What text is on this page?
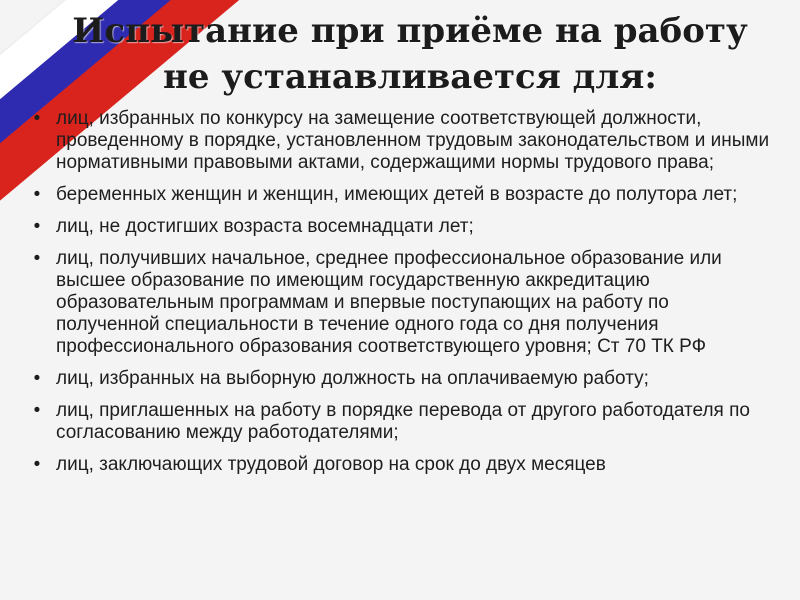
Испытание при приёме на работу
не устанавливается для:
• лиц, избранных по конкурсу на замещение соответствующей должности, проведенному в порядке, установленном трудовым законодательством и иными нормативными правовыми актами, содержащими нормы трудового права;
• беременных женщин и женщин, имеющих детей в возрасте до полутора лет;
• лиц, не достигших возраста восемнадцати лет;
• лиц, получивших начальное, среднее профессиональное образование или высшее образование по имеющим государственную аккредитацию образовательным программам и впервые поступающих на работу по полученной специальности в течение одного года со дня получения профессионального образования соответствующего уровня; Ст 70 ТК РФ
• лиц, избранных на выборную должность на оплачиваемую работу;
• лиц, приглашенных на работу в порядке перевода от другого работодателя по согласованию между работодателями;
• лиц, заключающих трудовой договор на срок до двух месяцев
